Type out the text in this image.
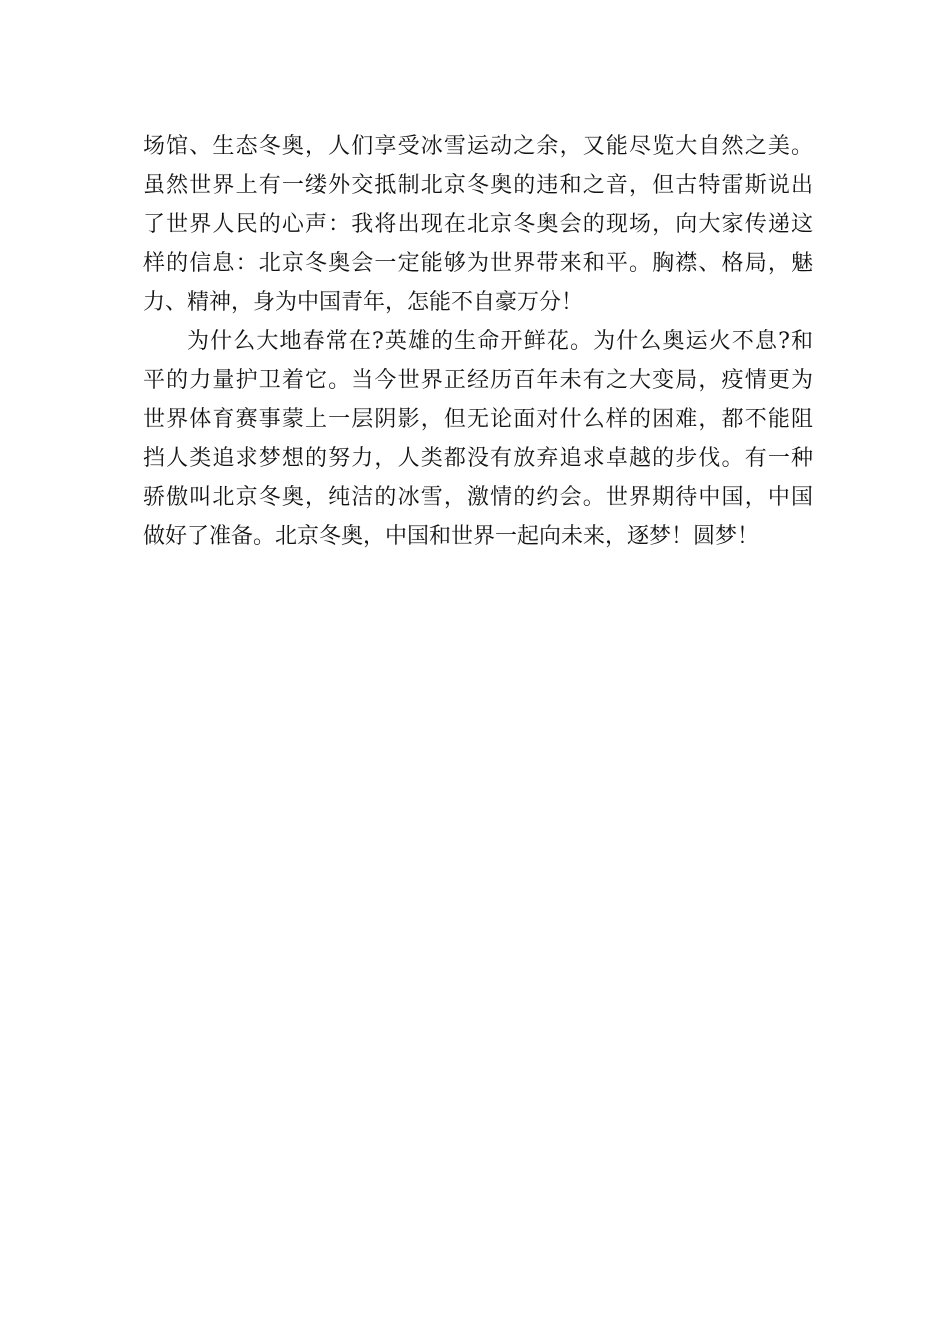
场馆、生态冬奥，人们享受冰雪运动之余，又能尽览大自然之美。
虽然世界上有一缕外交抵制北京冬奥的违和之音，但古特雷斯说出
了世界人民的心声：我将出现在北京冬奥会的现场，向大家传递这
样的信息：北京冬奥会一定能够为世界带来和平。胸襟、格局，魅
力、精神，身为中国青年，怎能不自豪万分！
为什么大地春常在?英雄的生命开鲜花。为什么奥运火不息?和
平的力量护卫着它。当今世界正经历百年未有之大变局，疫情更为
世界体育赛事蒙上一层阴影，但无论面对什么样的困难，都不能阻
挡人类追求梦想的努力，人类都没有放弃追求卓越的步伐。有一种
骄傲叫北京冬奥，纯洁的冰雪，激情的约会。世界期待中国，中国
做好了准备。北京冬奥，中国和世界一起向未来，逐梦！圆梦！
